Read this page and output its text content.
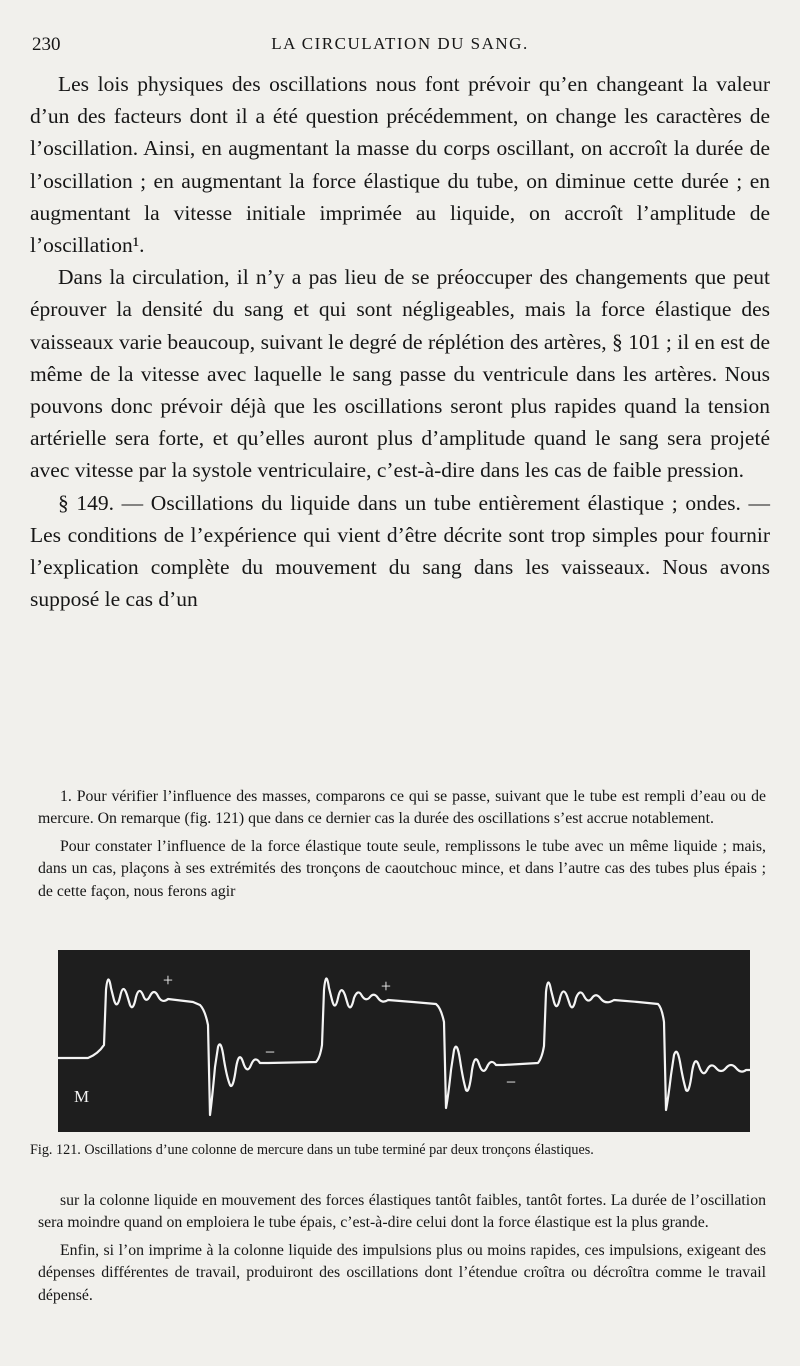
230	LA CIRCULATION DU SANG.

Les lois physiques des oscillations nous font prévoir qu’en changeant la valeur d’un des facteurs dont il a été question précédemment, on change les caractères de l’oscillation. Ainsi, en augmentant la masse du corps oscillant, on accroît la durée de l’oscillation ; en augmentant la force élastique du tube, on diminue cette durée ; en augmentant la vitesse initiale imprimée au liquide, on accroît l’amplitude de l’oscillation¹.

Dans la circulation, il n’y a pas lieu de se préoccuper des changements que peut éprouver la densité du sang et qui sont négligeables, mais la force élastique des vaisseaux varie beaucoup, suivant le degré de réplétion des artères, § 101 ; il en est de même de la vitesse avec laquelle le sang passe du ventricule dans les artères. Nous pouvons donc prévoir déjà que les oscillations seront plus rapides quand la tension artérielle sera forte, et qu’elles auront plus d’amplitude quand le sang sera projeté avec vitesse par la systole ventriculaire, c’est-à-dire dans les cas de faible pression.

§ 149. — Oscillations du liquide dans un tube entièrement élastique ; ondes. — Les conditions de l’expérience qui vient d’être décrite sont trop simples pour fournir l’explication complète du mouvement du sang dans les vaisseaux. Nous avons supposé le cas d’un

1. Pour vérifier l’influence des masses, comparons ce qui se passe, suivant que le tube est rempli d’eau ou de mercure. On remarque (fig. 121) que dans ce dernier cas la durée des oscillations s’est accrue notablement.

Pour constater l’influence de la force élastique toute seule, remplissons le tube avec un même liquide ; mais, dans un cas, plaçons à ses extrémités des tronçons de caoutchouc mince, et dans l’autre cas des tubes plus épais ; de cette façon, nous ferons agir

+	+
−
−
M
Fig. 121. Oscillations d’une colonne de mercure dans un tube terminé par deux tronçons élastiques.

sur la colonne liquide en mouvement des forces élastiques tantôt faibles, tantôt fortes. La durée de l’oscillation sera moindre quand on emploiera le tube épais, c’est-à-dire celui dont la force élastique est la plus grande.

Enfin, si l’on imprime à la colonne liquide des impulsions plus ou moins rapides, ces impulsions, exigeant des dépenses différentes de travail, produiront des oscillations dont l’étendue croîtra ou décroîtra comme le travail dépensé.
